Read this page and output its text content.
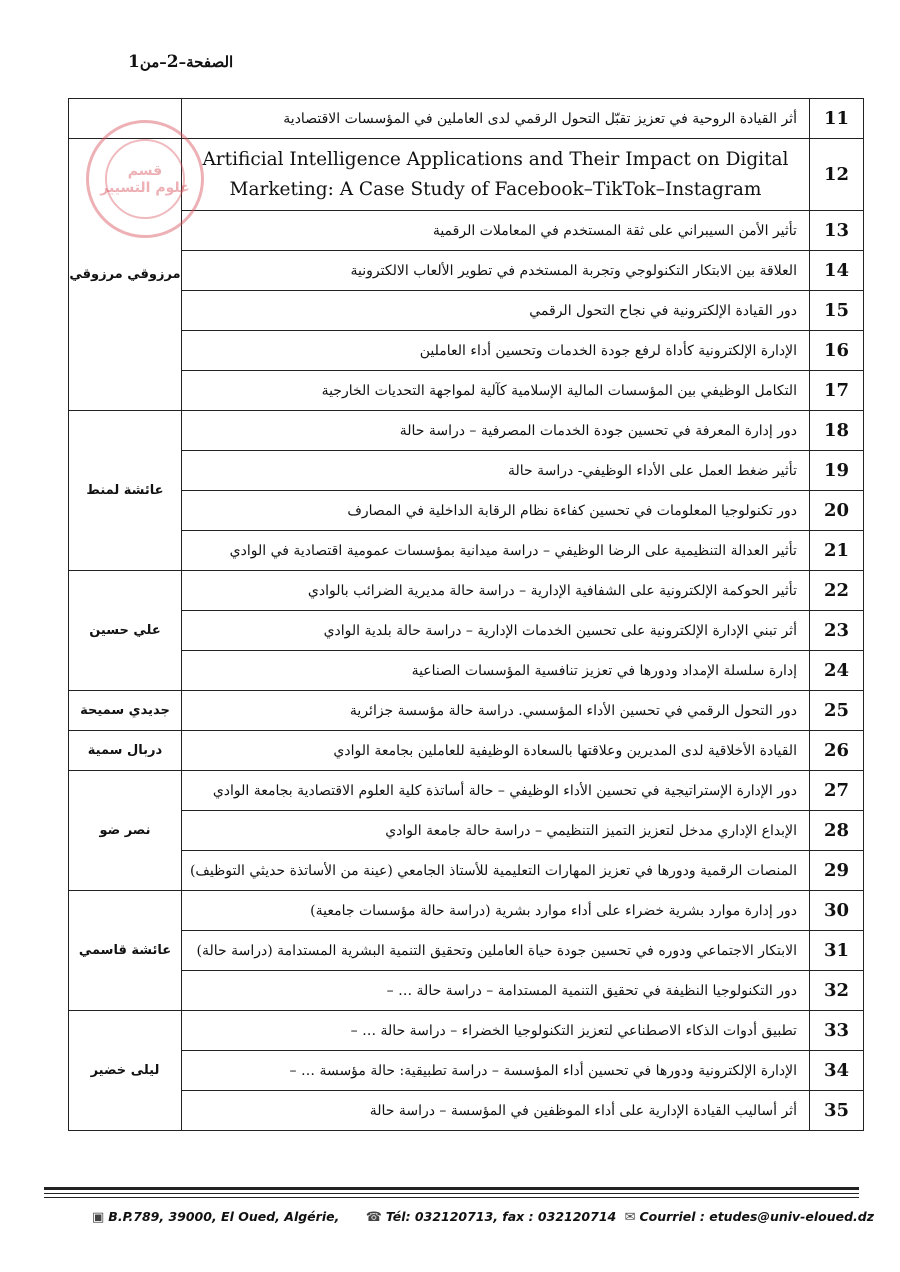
الصفحة–2–من1
	أثر القيادة الروحية في تعزيز تقبّل التحول الرقمي لدى العاملين في المؤسسات الاقتصادية	11
مرزوقي مرزوقي	Artificial Intelligence Applications and Their Impact on Digital Marketing: A Case Study of Facebook–TikTok–Instagram	12
	تأثير الأمن السيبراني على ثقة المستخدم في المعاملات الرقمية	13
	العلاقة بين الابتكار التكنولوجي وتجربة المستخدم في تطوير الألعاب الالكترونية	14
	دور القيادة الإلكترونية في نجاح التحول الرقمي	15
	الإدارة الإلكترونية كأداة لرفع جودة الخدمات وتحسين أداء العاملين	16
	التكامل الوظيفي بين المؤسسات المالية الإسلامية كآلية لمواجهة التحديات الخارجية	17
عائشة لمنط	دور إدارة المعرفة في تحسين جودة الخدمات المصرفية – دراسة حالة	18
	تأثير ضغط العمل على الأداء الوظيفي- دراسة حالة	19
	دور تكنولوجيا المعلومات في تحسين كفاءة نظام الرقابة الداخلية في المصارف	20
	تأثير العدالة التنظيمية على الرضا الوظيفي – دراسة ميدانية بمؤسسات عمومية اقتصادية في الوادي	21
علي حسين	تأثير الحوكمة الإلكترونية على الشفافية الإدارية – دراسة حالة مديرية الضرائب بالوادي	22
	أثر تبني الإدارة الإلكترونية على تحسين الخدمات الإدارية – دراسة حالة بلدية الوادي	23
	إدارة سلسلة الإمداد ودورها في تعزيز تنافسية المؤسسات الصناعية	24
جديدي سميحة	دور التحول الرقمي في تحسين الأداء المؤسسي. دراسة حالة مؤسسة جزائرية	25
دربال سمية	القيادة الأخلاقية لدى المديرين وعلاقتها بالسعادة الوظيفية للعاملين بجامعة الوادي	26
نصر ضو	دور الإدارة الإستراتيجية في تحسين الأداء الوظيفي – حالة أساتذة كلية العلوم الاقتصادية بجامعة الوادي	27
	الإبداع الإداري مدخل لتعزيز التميز التنظيمي – دراسة حالة جامعة الوادي	28
	المنصات الرقمية ودورها في تعزيز المهارات التعليمية للأستاذ الجامعي (عينة من الأساتذة حديثي التوظيف)	29
عائشة قاسمي	دور إدارة موارد بشرية خضراء على أداء موارد بشرية (دراسة حالة مؤسسات جامعية)	30
	الابتكار الاجتماعي ودوره في تحسين جودة حياة العاملين وتحقيق التنمية البشرية المستدامة (دراسة حالة)	31
	دور التكنولوجيا النظيفة في تحقيق التنمية المستدامة – دراسة حالة … –	32
ليلى خضير	تطبيق أدوات الذكاء الاصطناعي لتعزيز التكنولوجيا الخضراء – دراسة حالة … –	33
	الإدارة الإلكترونية ودورها في تحسين أداء المؤسسة – دراسة تطبيقية: حالة مؤسسة … –	34
	أثر أساليب القيادة الإدارية على أداء الموظفين في المؤسسة – دراسة حالة	35
قسم
علوم التسيير
▣ B.P.789, 39000, El Oued, Algérie, ☎ Tél: 032120713, fax : 032120714 ✉ Courriel : etudes@univ-eloued.dz
